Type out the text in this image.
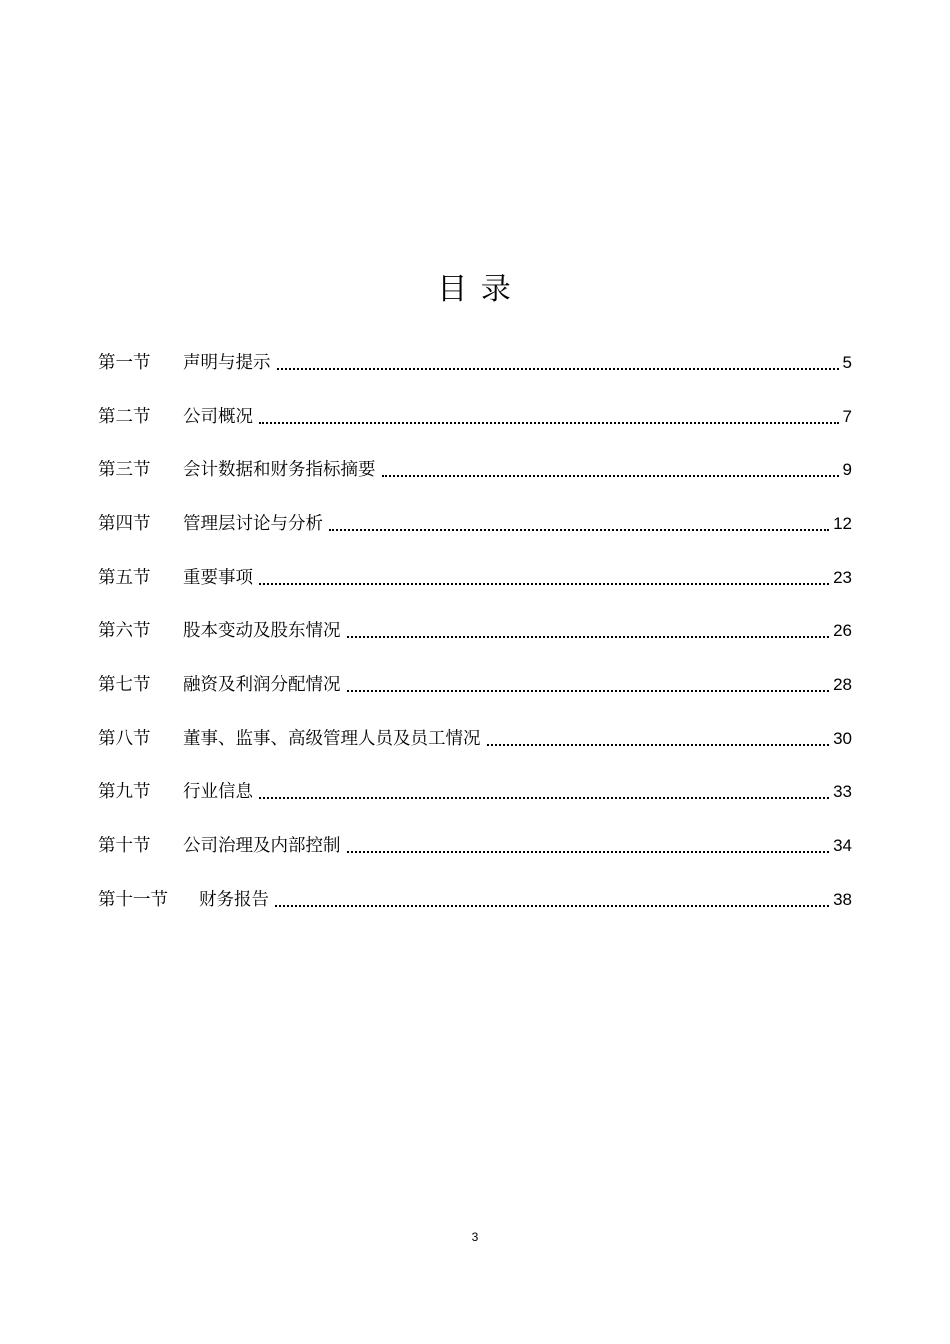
目 录
第一节 声明与提示	5
第二节 公司概况	7
第三节 会计数据和财务指标摘要	9
第四节 管理层讨论与分析	12
第五节 重要事项	23
第六节 股本变动及股东情况	26
第七节 融资及利润分配情况	28
第八节 董事、监事、高级管理人员及员工情况	30
第九节 行业信息	33
第十节 公司治理及内部控制	34
第十一节 财务报告	38
3
